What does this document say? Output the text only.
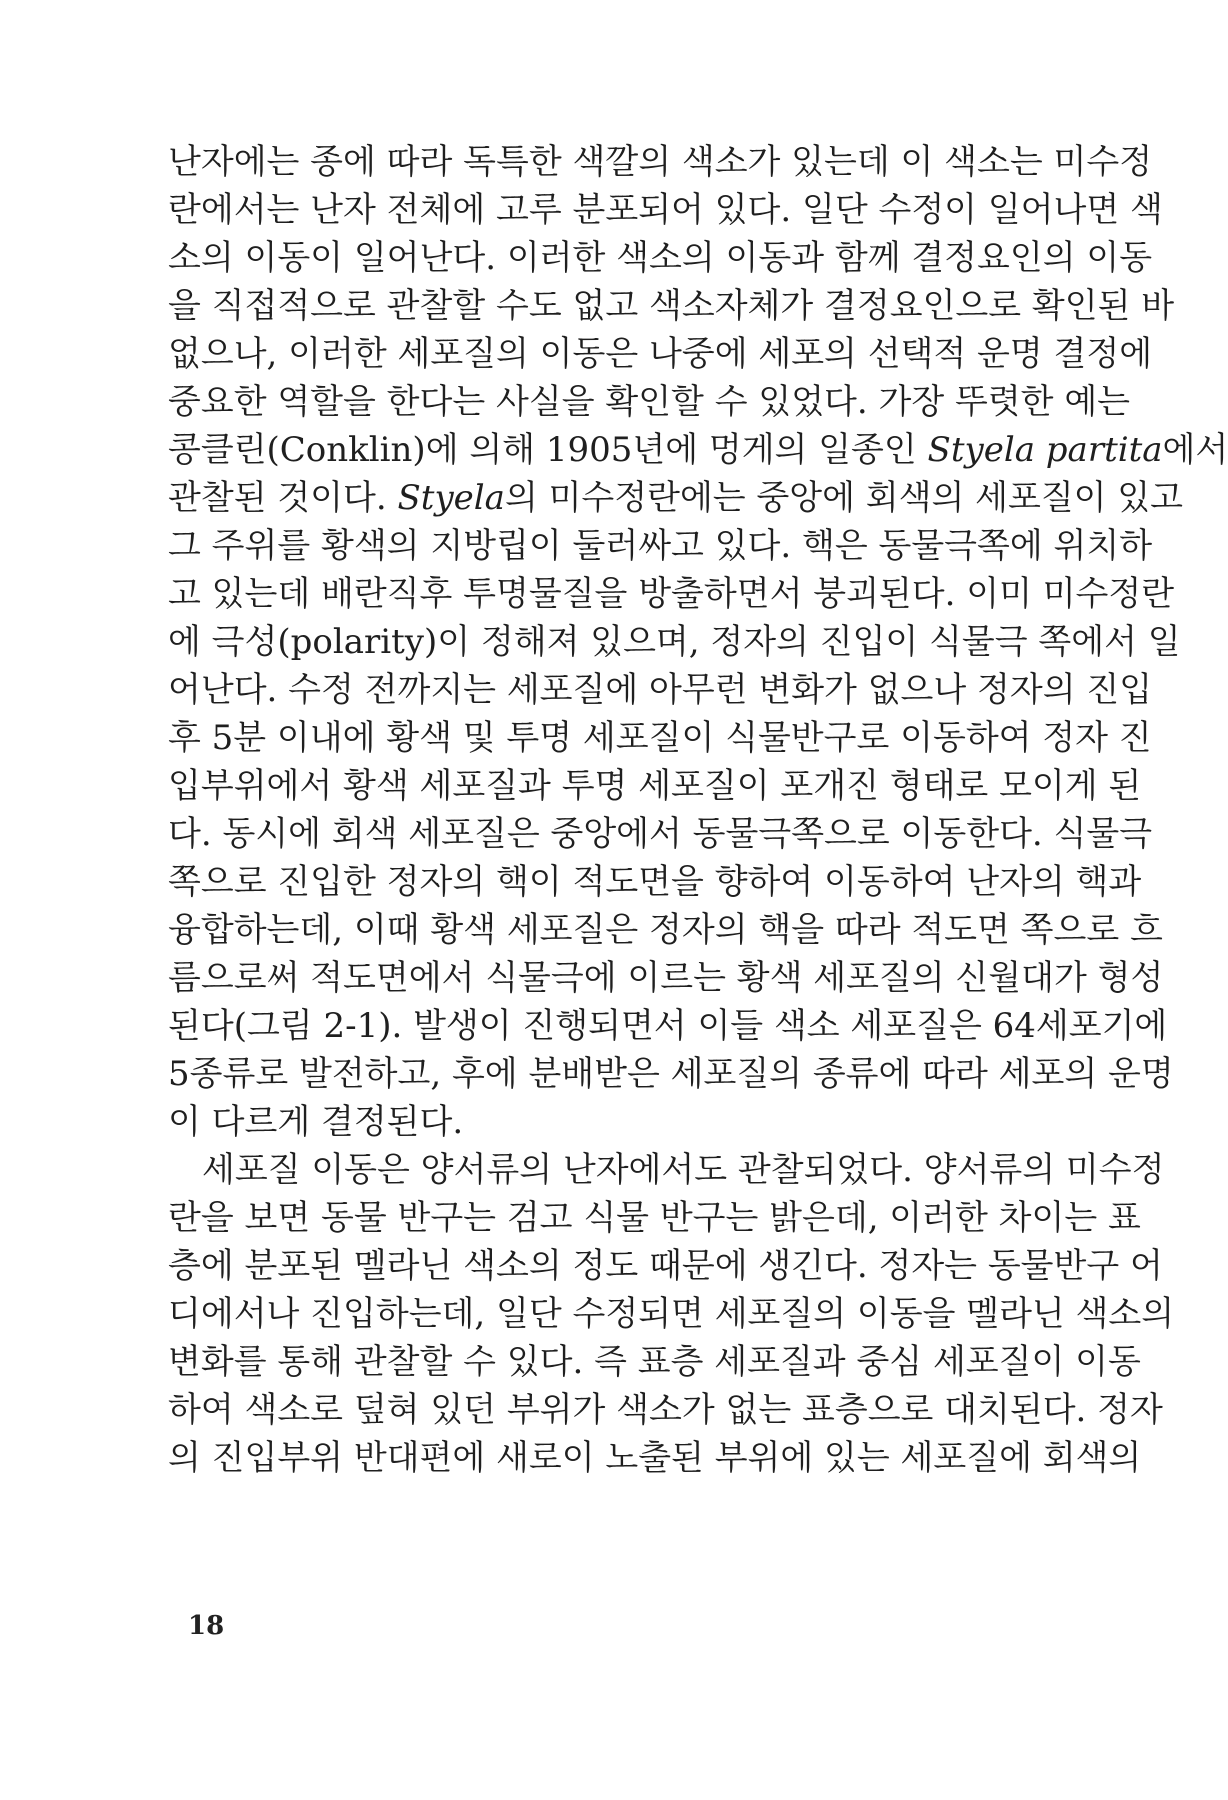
난자에는 종에 따라 독특한 색깔의 색소가 있는데 이 색소는 미수정
란에서는 난자 전체에 고루 분포되어 있다. 일단 수정이 일어나면 색
소의 이동이 일어난다. 이러한 색소의 이동과 함께 결정요인의 이동
을 직접적으로 관찰할 수도 없고 색소자체가 결정요인으로 확인된 바
없으나, 이러한 세포질의 이동은 나중에 세포의 선택적 운명 결정에
중요한 역할을 한다는 사실을 확인할 수 있었다. 가장 뚜렷한 예는
콩클린(Conklin)에 의해 1905년에 멍게의 일종인 Styela partita에서
관찰된 것이다. Styela의 미수정란에는 중앙에 회색의 세포질이 있고
그 주위를 황색의 지방립이 둘러싸고 있다. 핵은 동물극쪽에 위치하
고 있는데 배란직후 투명물질을 방출하면서 붕괴된다. 이미 미수정란
에 극성(polarity)이 정해져 있으며, 정자의 진입이 식물극 쪽에서 일
어난다. 수정 전까지는 세포질에 아무런 변화가 없으나 정자의 진입
후 5분 이내에 황색 및 투명 세포질이 식물반구로 이동하여 정자 진
입부위에서 황색 세포질과 투명 세포질이 포개진 형태로 모이게 된
다. 동시에 회색 세포질은 중앙에서 동물극쪽으로 이동한다. 식물극
쪽으로 진입한 정자의 핵이 적도면을 향하여 이동하여 난자의 핵과
융합하는데, 이때 황색 세포질은 정자의 핵을 따라 적도면 쪽으로 흐
름으로써 적도면에서 식물극에 이르는 황색 세포질의 신월대가 형성
된다(그림 2-1). 발생이 진행되면서 이들 색소 세포질은 64세포기에
5종류로 발전하고, 후에 분배받은 세포질의 종류에 따라 세포의 운명
이 다르게 결정된다.
세포질 이동은 양서류의 난자에서도 관찰되었다. 양서류의 미수정
란을 보면 동물 반구는 검고 식물 반구는 밝은데, 이러한 차이는 표
층에 분포된 멜라닌 색소의 정도 때문에 생긴다. 정자는 동물반구 어
디에서나 진입하는데, 일단 수정되면 세포질의 이동을 멜라닌 색소의
변화를 통해 관찰할 수 있다. 즉 표층 세포질과 중심 세포질이 이동
하여 색소로 덮혀 있던 부위가 색소가 없는 표층으로 대치된다. 정자
의 진입부위 반대편에 새로이 노출된 부위에 있는 세포질에 회색의
18
